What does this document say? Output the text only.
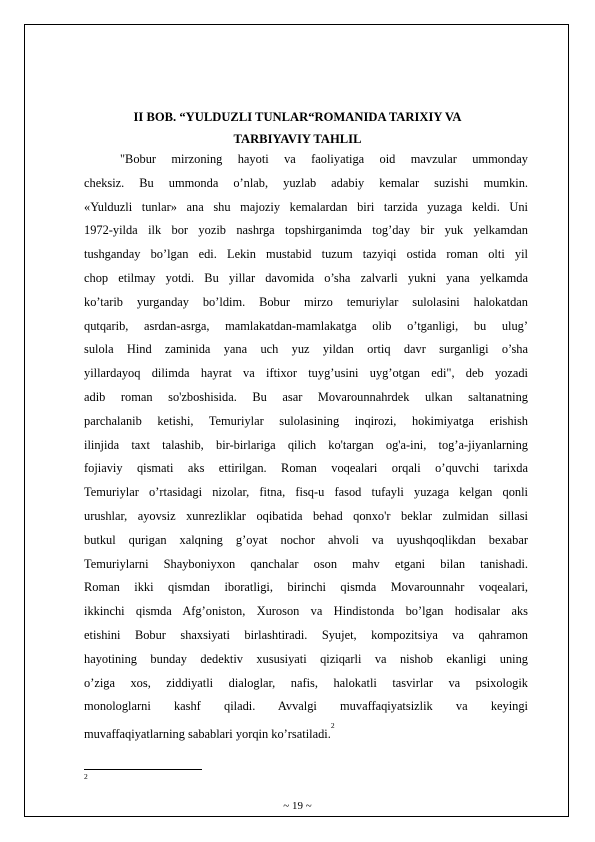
II BOB. “YULDUZLI TUNLAR“ROMANIDA TARIXIY VA
TARBIYAVIY TAHLIL
"Bobur mirzoning hayoti va faoliyatiga oid mavzular ummonday
cheksiz. Bu ummonda o’nlab, yuzlab adabiy kemalar suzishi mumkin.
«Yulduzli tunlar» ana shu majoziy kemalardan biri tarzida yuzaga keldi. Uni
1972-yilda ilk bor yozib nashrga topshirganimda tog’day bir yuk yelkamdan
tushganday bo’lgan edi. Lekin mustabid tuzum tazyiqi ostida roman olti yil
chop etilmay yotdi. Bu yillar davomida o’sha zalvarli yukni yana yelkamda
ko’tarib yurganday bo’ldim. Bobur mirzo temuriylar sulolasini halokatdan
qutqarib, asrdan-asrga, mamlakatdan-mamlakatga olib o’tganligi, bu ulug’
sulola Hind zaminida yana uch yuz yildan ortiq davr surganligi o’sha
yillardayoq dilimda hayrat va iftixor tuyg’usini uyg’otgan edi", deb yozadi
adib roman so'zboshisida. Bu asar Movarounnahrdek ulkan saltanatning
parchalanib ketishi, Temuriylar sulolasining inqirozi, hokimiyatga erishish
ilinjida taxt talashib, bir-birlariga qilich ko'targan og'a-ini, tog’a-jiyanlarning
fojiaviy qismati aks ettirilgan. Roman voqealari orqali o’quvchi tarixda
Temuriylar o’rtasidagi nizolar, fitna, fisq-u fasod tufayli yuzaga kelgan qonli
urushlar, ayovsiz xunrezliklar oqibatida behad qonxo'r beklar zulmidan sillasi
butkul qurigan xalqning g’oyat nochor ahvoli va uyushqoqlikdan bexabar
Temuriylarni Shayboniyxon qanchalar oson mahv etgani bilan tanishadi.
Roman ikki qismdan iboratligi, birinchi qismda Movarounnahr voqealari,
ikkinchi qismda Afg’oniston, Xuroson va Hindistonda bo’lgan hodisalar aks
etishini Bobur shaxsiyati birlashtiradi. Syujet, kompozitsiya va qahramon
hayotining bunday dedektiv xususiyati qiziqarli va nishob ekanligi uning
o’ziga xos, ziddiyatli dialoglar, nafis, halokatli tasvirlar va psixologik
monologlarni kashf qiladi. Avvalgi muvaffaqiyatsizlik va keyingi
muvaffaqiyatlarning sabablari yorqin ko’rsatiladi.$^2$
2
~ 19 ~
